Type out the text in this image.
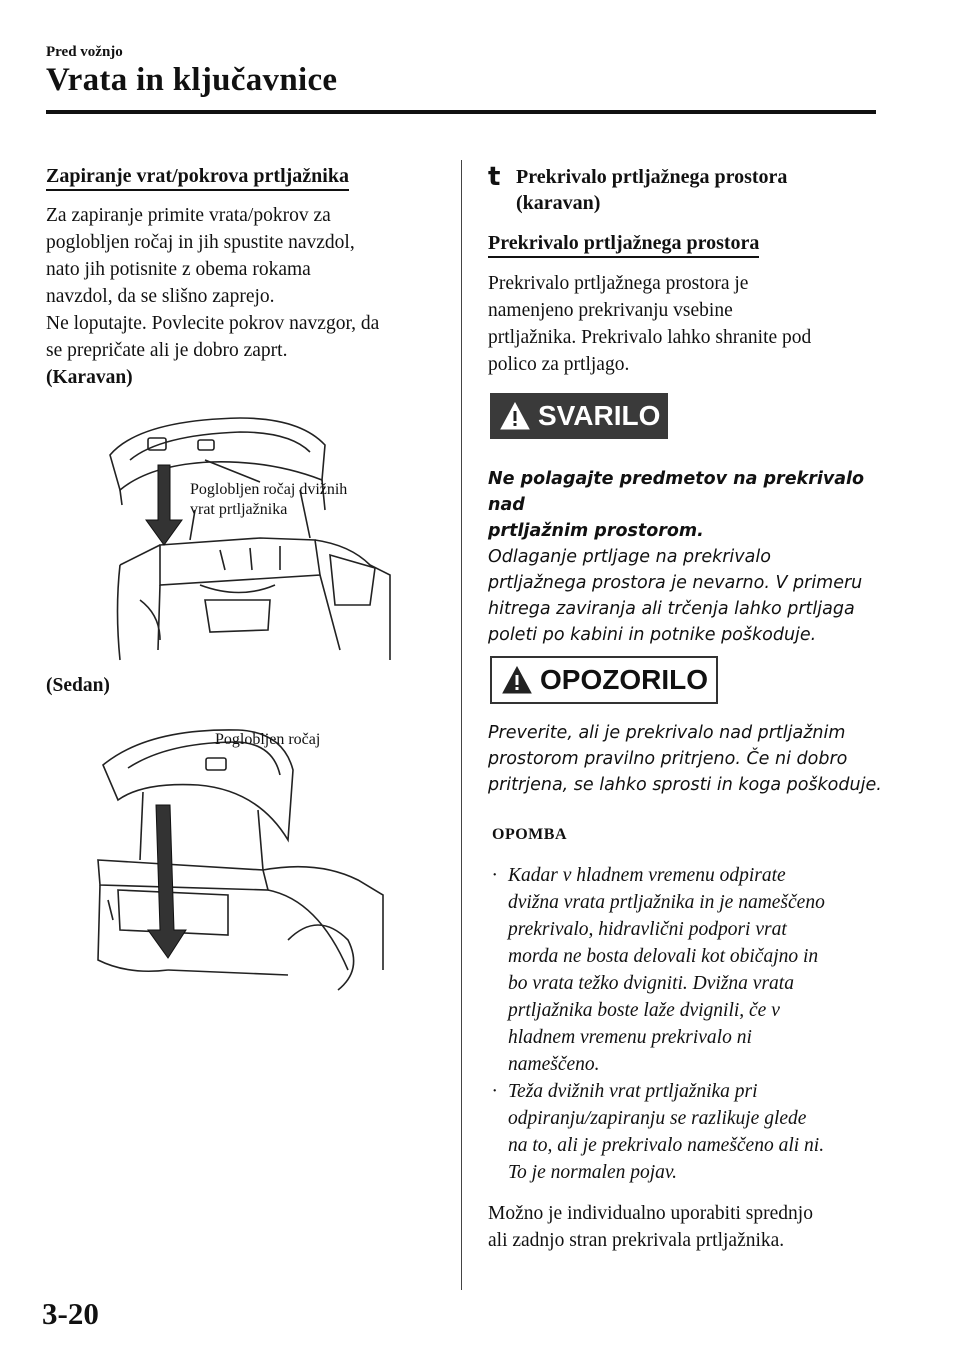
Pred vožnjo
Vrata in ključavnice
Zapiranje vrat/pokrova prtljažnika

Za zapiranje primite vrata/pokrov za

poglobljen ročaj in jih spustite navzdol,

nato jih potisnite z obema rokama

navzdol, da se slišno zaprejo.

Ne loputajte. Povlecite pokrov navzgor, da

se prepričate ali je dobro zaprt.

(Karavan)

Poglobljen ročaj dvižnih
vrat prtljažnika
(Sedan)
Poglobljen ročaj
t Prekrivalo prtljažnega prostora
(karavan)
Prekrivalo prtljažnega prostora

Prekrivalo prtljažnega prostora je

namenjeno prekrivanju vsebine

prtljažnika. Prekrivalo lahko shranite pod

polico za prtljago.

SVARILO
Ne polagajte predmetov na prekrivalo nad
prtljažnim prostorom.
Odlaganje prtljage na prekrivalo
prtljažnega prostora je nevarno. V primeru
hitrega zaviranja ali trčenja lahko prtljaga
poleti po kabini in potnike poškoduje.
OPOZORILO
Preverite, ali je prekrivalo nad prtljažnim
prostorom pravilno pritrjeno. Če ni dobro
pritrjena, se lahko sprosti in koga poškoduje.
OPOMBA
· Kadar v hladnem vremenu odpirate
dvižna vrata prtljažnika in je nameščeno
prekrivalo, hidravlični podpori vrat
morda ne bosta delovali kot običajno in
bo vrata težko dvigniti. Dvižna vrata
prtljažnika boste laže dvignili, če v
hladnem vremenu prekrivalo ni
nameščeno.
· Teža dvižnih vrat prtljažnika pri
odpiranju/zapiranju se razlikuje glede
na to, ali je prekrivalo nameščeno ali ni.
To je normalen pojav.

Možno je individualno uporabiti sprednjo

ali zadnjo stran prekrivala prtljažnika.

3-20
